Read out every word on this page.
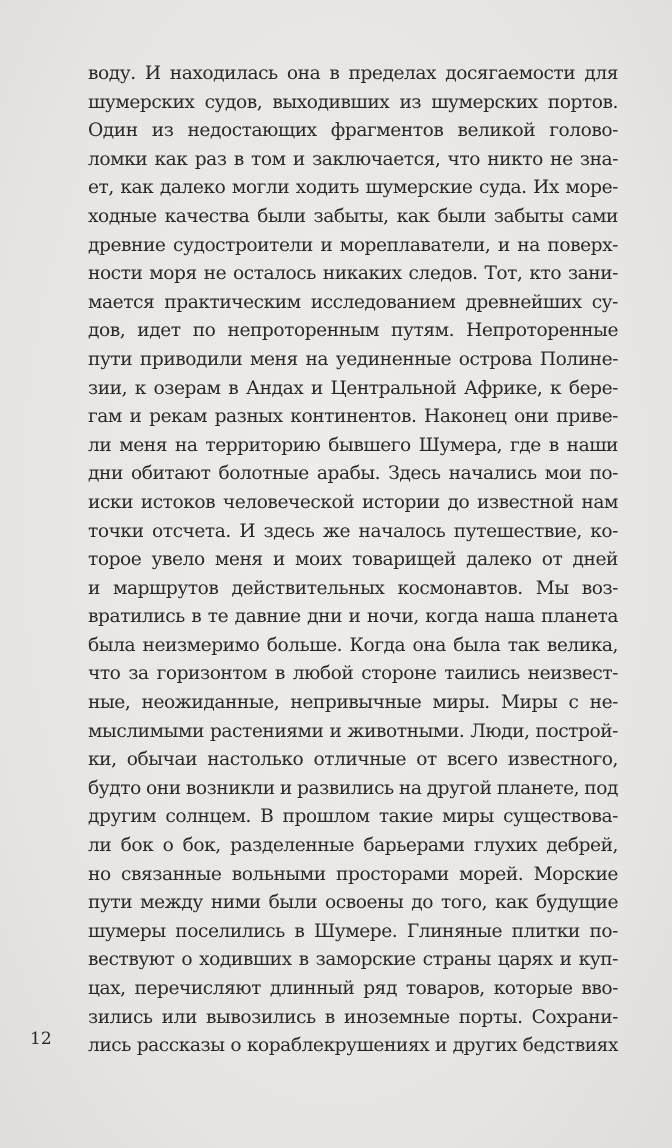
воду. И находилась она в пределах досягаемости для
шумерских судов, выходивших из шумерских портов.
Один из недостающих фрагментов великой головo-
ломки как раз в том и заключается, что никто не зна-
ет, как далеко могли ходить шумерские суда. Их море-
ходные качества были забыты, как были забыты сами
древние судостроители и мореплаватели, и на поверх-
ности моря не осталось никаких следов. Тот, кто зани-
мается практическим исследованием древнейших су-
дов, идет по непроторенным путям. Непроторенные
пути приводили меня на уединенные острова Полине-
зии, к озерам в Андах и Центральной Африке, к бере-
гам и рекам разных континентов. Наконец они приве-
ли меня на территорию бывшего Шумера, где в наши
дни обитают болотные арабы. Здесь начались мои по-
иски истоков человеческой истории до известной нам
точки отсчета. И здесь же началось путешествие, ко-
торое увело меня и моих товарищей далеко от дней
и маршрутов действительных космонавтов. Мы воз-
вратились в те давние дни и ночи, когда наша планета
была неизмеримо больше. Когда она была так велика,
что за горизонтом в любой стороне таились неизвест-
ные, неожиданные, непривычные миры. Миры с не-
мыслимыми растениями и животными. Люди, построй-
ки, обычаи настолько отличные от всего известного,
будто они возникли и развились на другой планете, под
другим солнцем. В прошлом такие миры существова-
ли бок о бок, разделенные барьерами глухих дебрей,
но связанные вольными просторами морей. Морские
пути между ними были освоены до того, как будущие
шумеры поселились в Шумере. Глиняные плитки по-
вествуют о ходивших в заморские страны царях и куп-
цах, перечисляют длинный ряд товаров, которые вво-
зились или вывозились в иноземные порты. Сохрани-
лись рассказы о кораблекрушениях и других бедствиях
12
